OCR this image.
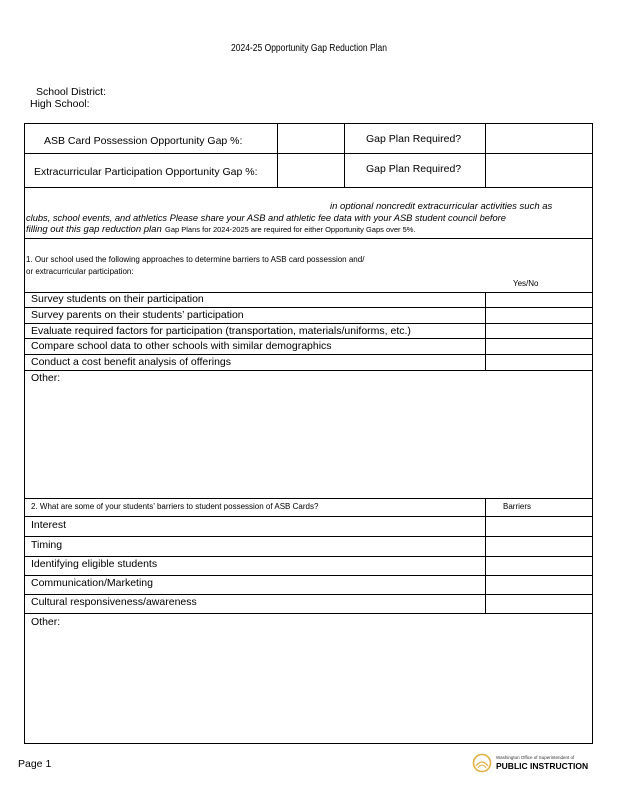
2024-25 Opportunity Gap Reduction Plan
School District:
High School:
ASB Card Possession Opportunity Gap %:	Gap Plan Required?
Extracurricular Participation Opportunity Gap %:	Gap Plan Required?
in optional noncredit extracurricular activities such as
clubs, school events, and athletics Please share your ASB and athletic fee data with your ASB student council before
filling out this gap reduction plan Gap Plans for 2024-2025 are required for either Opportunity Gaps over 5%.
1. Our school used the following approaches to determine barriers to ASB card possession and/
or extracurricular participation:
Yes/No
Survey students on their participation
Survey parents on their students’ participation
Evaluate required factors for participation (transportation, materials/uniforms, etc.)
Compare school data to other schools with similar demographics
Conduct a cost benefit analysis of offerings
Other:
2. What are some of your students’ barriers to student possession of ASB Cards?	Barriers
Interest
Timing
Identifying eligible students
Communication/Marketing
Cultural responsiveness/awareness
Other:
Page 1
Washington Office of Superintendent of
PUBLIC INSTRUCTION
